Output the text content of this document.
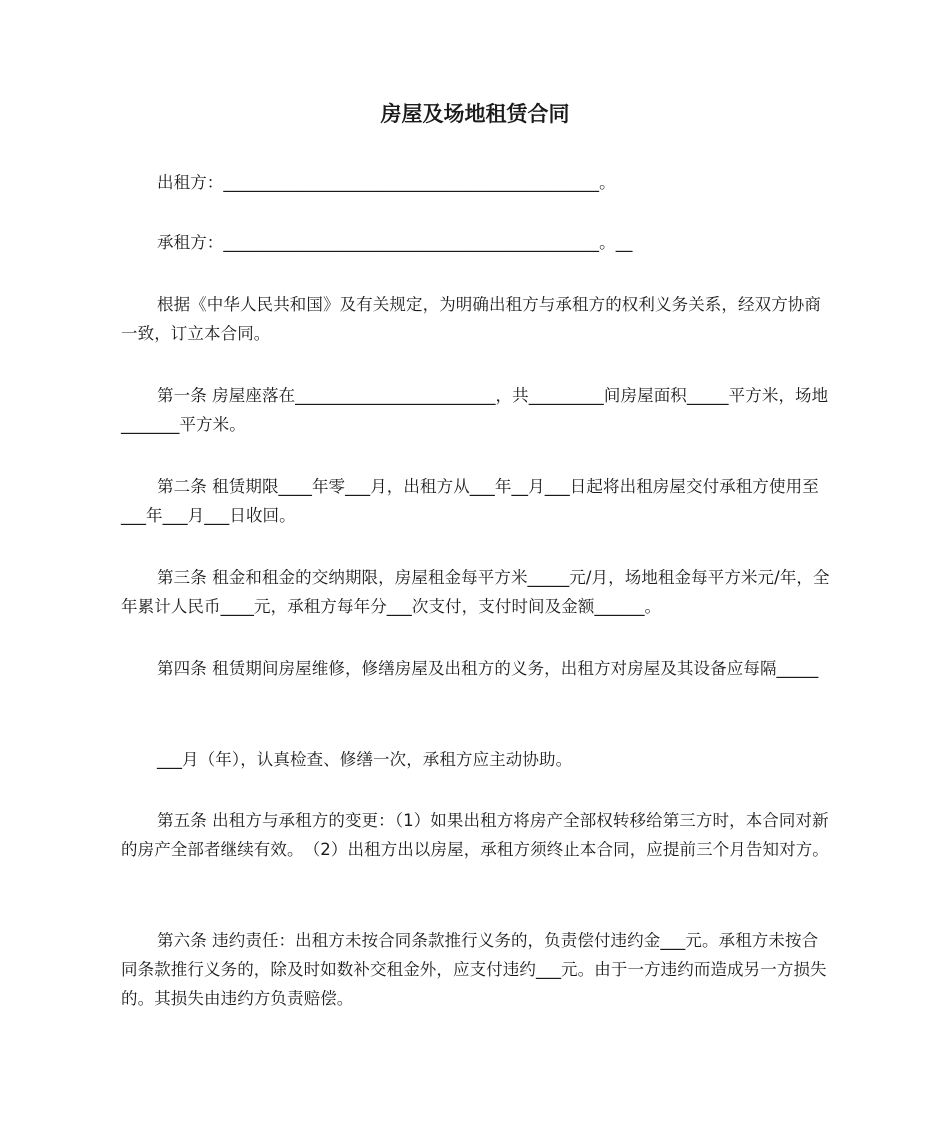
房屋及场地租赁合同

出租方：_____________________________________________。

承租方：_____________________________________________。__

根据《中华人民共和国》及有关规定，为明确出租方与承租方的权利义务关系，经双方协商一致，订立本合同。

第一条 房屋座落在________________________，共_________间房屋面积_____平方米，场地_______平方米。

第二条 租赁期限____年零___月，出租方从___年__月___日起将出租房屋交付承租方使用至___年___月___日收回。

第三条 租金和租金的交纳期限，房屋租金每平方米_____元/月，场地租金每平方米元/年，全年累计人民币____元，承租方每年分___次支付，支付时间及金额______。

第四条 租赁期间房屋维修，修缮房屋及出租方的义务，出租方对房屋及其设备应每隔_____

___月（年），认真检查、修缮一次，承租方应主动协助。

第五条 出租方与承租方的变更：（1）如果出租方将房产全部权转移给第三方时，本合同对新的房产全部者继续有效。　（2）出租方出以房屋，承租方须终止本合同，应提前三个月告知对方。

第六条 违约责任：出租方未按合同条款推行义务的，负责偿付违约金___元。承租方未按合同条款推行义务的，除及时如数补交租金外，应支付违约___元。由于一方违约而造成另一方损失的。其损失由违约方负责赔偿。
